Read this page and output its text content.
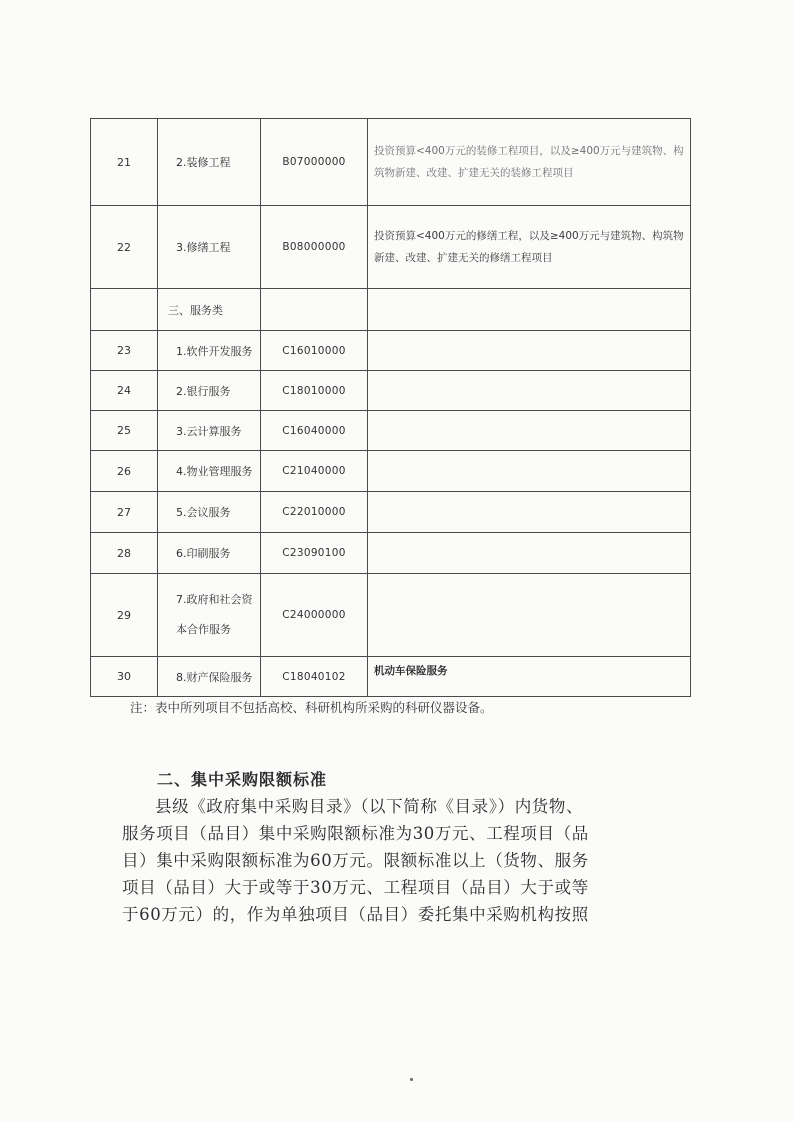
21	2.装修工程	B07000000	投资预算<400万元的装修工程项目，以及≥400万元与建筑物、构筑物新建、改建、扩建无关的装修工程项目
22	3.修缮工程	B08000000	投资预算<400万元的修缮工程，以及≥400万元与建筑物、构筑物新建、改建、扩建无关的修缮工程项目
	三、服务类		
23	1.软件开发服务	C16010000	
24	2.银行服务	C18010000	
25	3.云计算服务	C16040000	
26	4.物业管理服务	C21040000	
27	5.会议服务	C22010000	
28	6.印刷服务	C23090100	
29	7.政府和社会资本合作服务	C24000000	
30	8.财产保险服务	C18040102	机动车保险服务
注：表中所列项目不包括高校、科研机构所采购的科研仪器设备。
二、集中采购限额标准
县级《政府集中采购目录》（以下简称《目录》）内货物、
服务项目（品目）集中采购限额标准为30万元、工程项目（品
目）集中采购限额标准为60万元。限额标准以上（货物、服务
项目（品目）大于或等于30万元、工程项目（品目）大于或等
于60万元）的，作为单独项目（品目）委托集中采购机构按照
